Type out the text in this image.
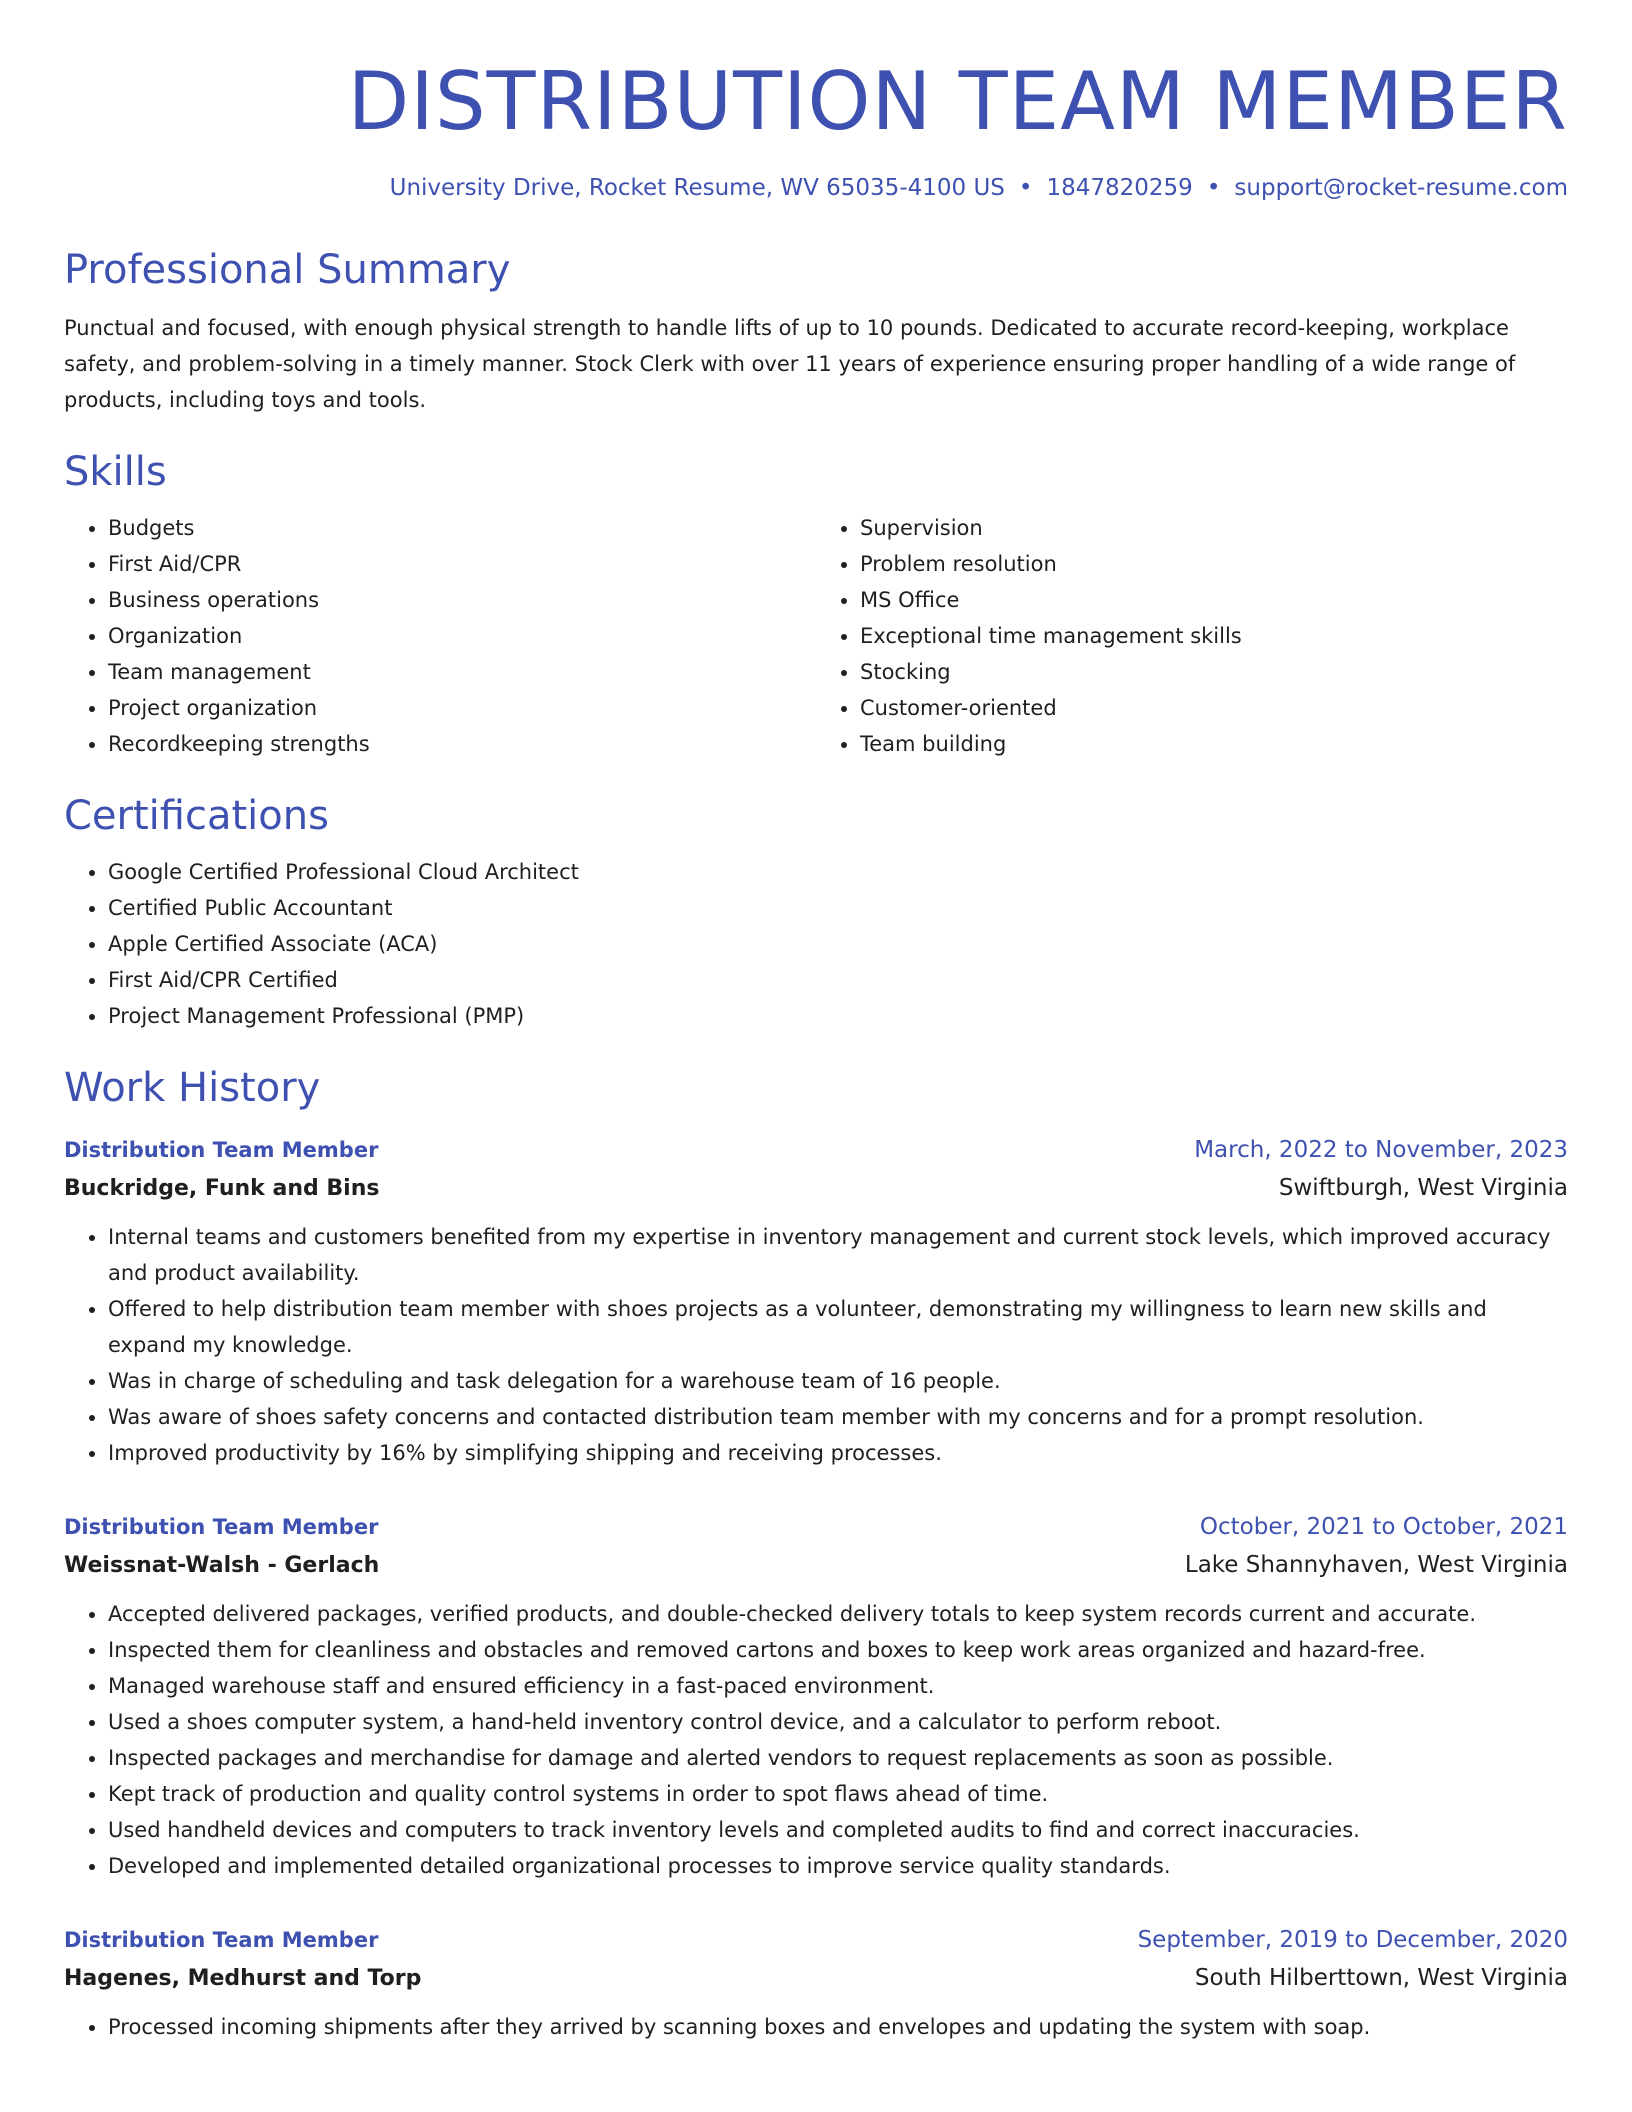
DISTRIBUTION TEAM MEMBER
University Drive, Rocket Resume, WV 65035-4100 US • 1847820259 • support@rocket-resume.com
Professional Summary
Punctual and focused, with enough physical strength to handle lifts of up to 10 pounds. Dedicated to accurate record-keeping, workplace safety, and problem-solving in a timely manner. Stock Clerk with over 11 years of experience ensuring proper handling of a wide range of products, including toys and tools.
Skills
• Budgets
• First Aid/CPR
• Business operations
• Organization
• Team management
• Project organization
• Recordkeeping strengths
• Supervision
• Problem resolution
• MS Office
• Exceptional time management skills
• Stocking
• Customer-oriented
• Team building
Certifications
• Google Certified Professional Cloud Architect
• Certified Public Accountant
• Apple Certified Associate (ACA)
• First Aid/CPR Certified
• Project Management Professional (PMP)
Work History
Distribution Team Member	March, 2022 to November, 2023
Buckridge, Funk and Bins	Swiftburgh, West Virginia
• Internal teams and customers benefited from my expertise in inventory management and current stock levels, which improved accuracy and product availability.
• Offered to help distribution team member with shoes projects as a volunteer, demonstrating my willingness to learn new skills and expand my knowledge.
• Was in charge of scheduling and task delegation for a warehouse team of 16 people.
• Was aware of shoes safety concerns and contacted distribution team member with my concerns and for a prompt resolution.
• Improved productivity by 16% by simplifying shipping and receiving processes.
Distribution Team Member	October, 2021 to October, 2021
Weissnat-Walsh - Gerlach	Lake Shannyhaven, West Virginia
• Accepted delivered packages, verified products, and double-checked delivery totals to keep system records current and accurate.
• Inspected them for cleanliness and obstacles and removed cartons and boxes to keep work areas organized and hazard-free.
• Managed warehouse staff and ensured efficiency in a fast-paced environment.
• Used a shoes computer system, a hand-held inventory control device, and a calculator to perform reboot.
• Inspected packages and merchandise for damage and alerted vendors to request replacements as soon as possible.
• Kept track of production and quality control systems in order to spot flaws ahead of time.
• Used handheld devices and computers to track inventory levels and completed audits to find and correct inaccuracies.
• Developed and implemented detailed organizational processes to improve service quality standards.
Distribution Team Member	September, 2019 to December, 2020
Hagenes, Medhurst and Torp	South Hilberttown, West Virginia
• Processed incoming shipments after they arrived by scanning boxes and envelopes and updating the system with soap.
